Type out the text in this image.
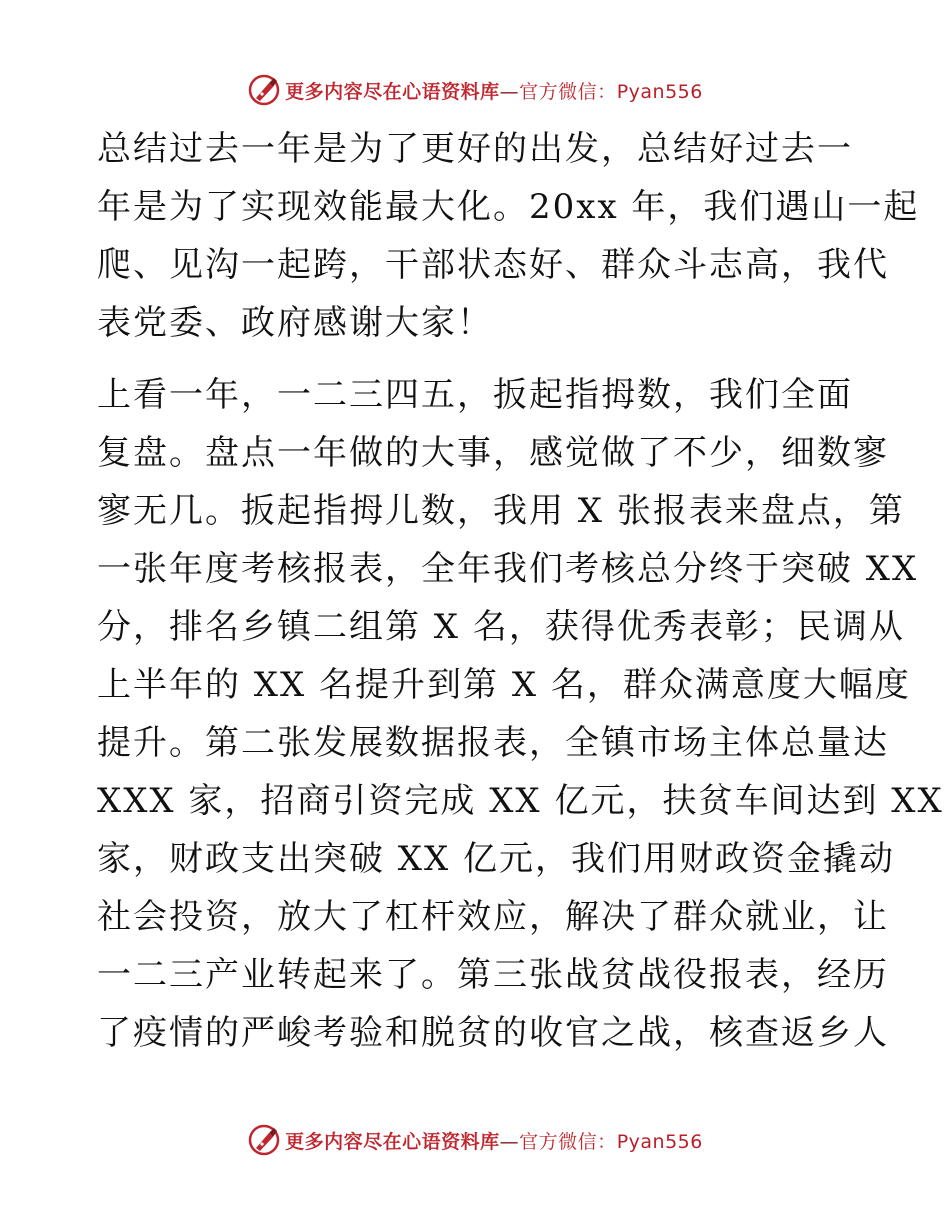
更多内容尽在心语资料库—官方微信：Pyan556

总结过去一年是为了更好的出发，总结好过去一
年是为了实现效能最大化。20xx 年，我们遇山一起
爬、见沟一起跨，干部状态好、群众斗志高，我代
表党委、政府感谢大家！

上看一年，一二三四五，扳起指拇数，我们全面
复盘。盘点一年做的大事，感觉做了不少，细数寥
寥无几。扳起指拇儿数，我用 X 张报表来盘点，第
一张年度考核报表，全年我们考核总分终于突破 XX
分，排名乡镇二组第 X 名，获得优秀表彰；民调从
上半年的 XX 名提升到第 X 名，群众满意度大幅度
提升。第二张发展数据报表，全镇市场主体总量达
XXX 家，招商引资完成 XX 亿元，扶贫车间达到 XX
家，财政支出突破 XX 亿元，我们用财政资金撬动
社会投资，放大了杠杆效应，解决了群众就业，让
一二三产业转起来了。第三张战贫战役报表，经历
了疫情的严峻考验和脱贫的收官之战，核查返乡人

更多内容尽在心语资料库—官方微信：Pyan556
